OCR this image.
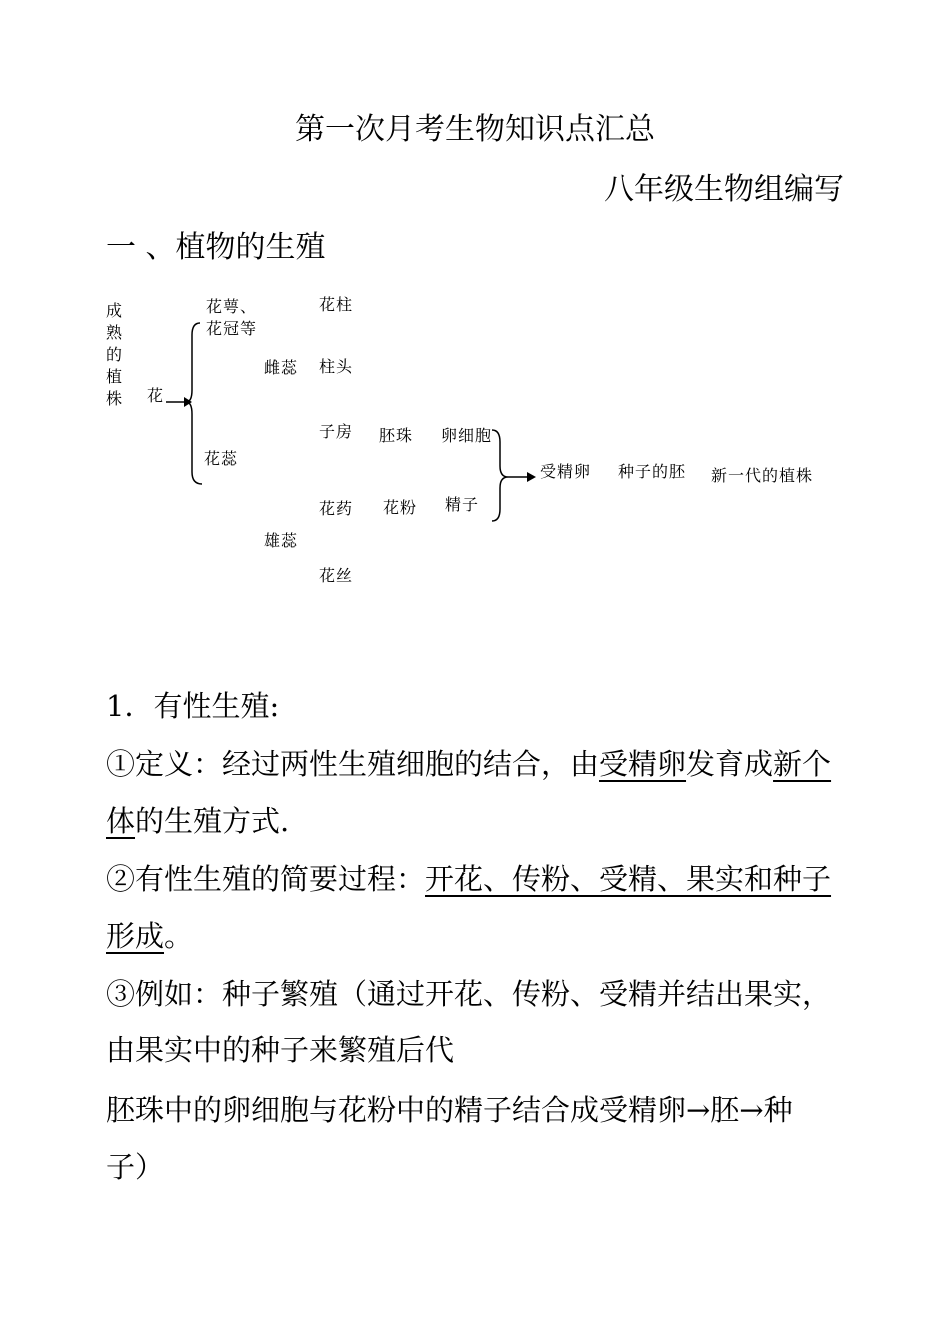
第一次月考生物知识点汇总
八年级生物组编写
一 、植物的生殖
成熟的植株 花
花萼、
花冠等
花蕊
雌蕊
雄蕊
花柱
柱头
子房 胚珠 卵细胞
花药 花粉 精子
花丝
受精卵 种子的胚 新一代的植株
1．有性生殖:
①定义：经过两性生殖细胞的结合，由受精卵发育成新个
体的生殖方式.
②有性生殖的简要过程：开花、传粉、受精、果实和种子
形成。
③例如：种子繁殖（通过开花、传粉、受精并结出果实，
由果实中的种子来繁殖后代
胚珠中的卵细胞与花粉中的精子结合成受精卵→胚→种
子）
